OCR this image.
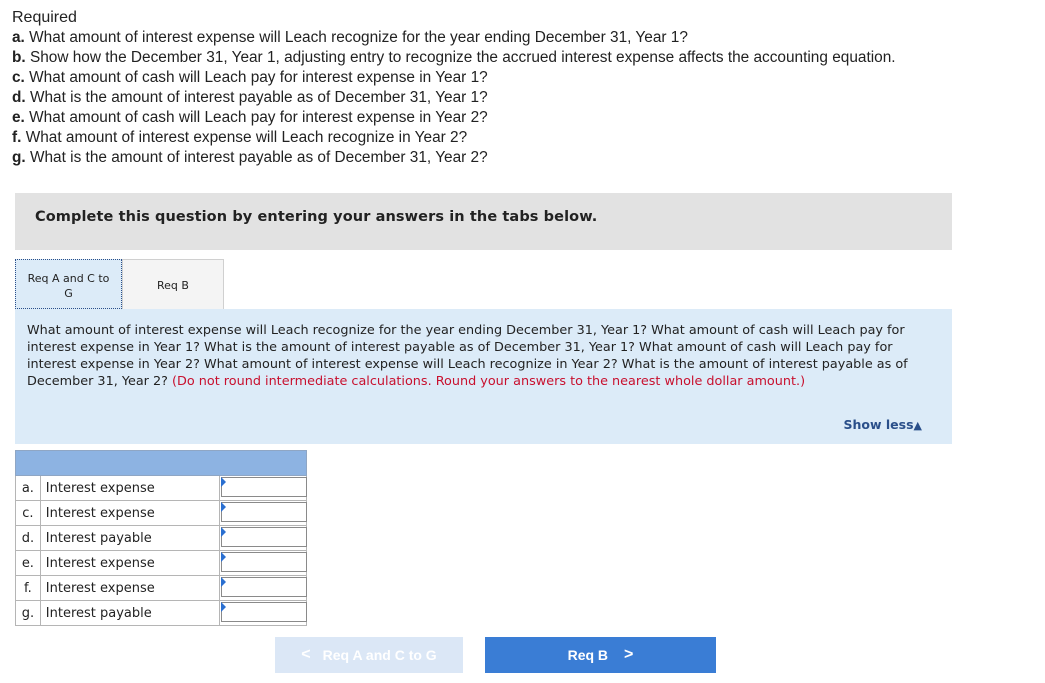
Required
a. What amount of interest expense will Leach recognize for the year ending December 31, Year 1?
b. Show how the December 31, Year 1, adjusting entry to recognize the accrued interest expense affects the accounting equation.
c. What amount of cash will Leach pay for interest expense in Year 1?
d. What is the amount of interest payable as of December 31, Year 1?
e. What amount of cash will Leach pay for interest expense in Year 2?
f. What amount of interest expense will Leach recognize in Year 2?
g. What is the amount of interest payable as of December 31, Year 2?
Complete this question by entering your answers in the tabs below.
Req A and C to
G
Req B

What amount of interest expense will Leach recognize for the year ending December 31, Year 1? What amount of cash will Leach pay for interest expense in Year 1? What is the amount of interest payable as of December 31, Year 1? What amount of cash will Leach pay for interest expense in Year 2? What amount of interest expense will Leach recognize in Year 2? What is the amount of interest payable as of December 31, Year 2? (Do not round intermediate calculations. Round your answers to the nearest whole dollar amount.)

Show less▲

a.	Interest expense	

c.	Interest expense	

d.	Interest payable	

e.	Interest expense	

f.	Interest expense	

g.	Interest payable	
< Req A and C to G	Req B >
